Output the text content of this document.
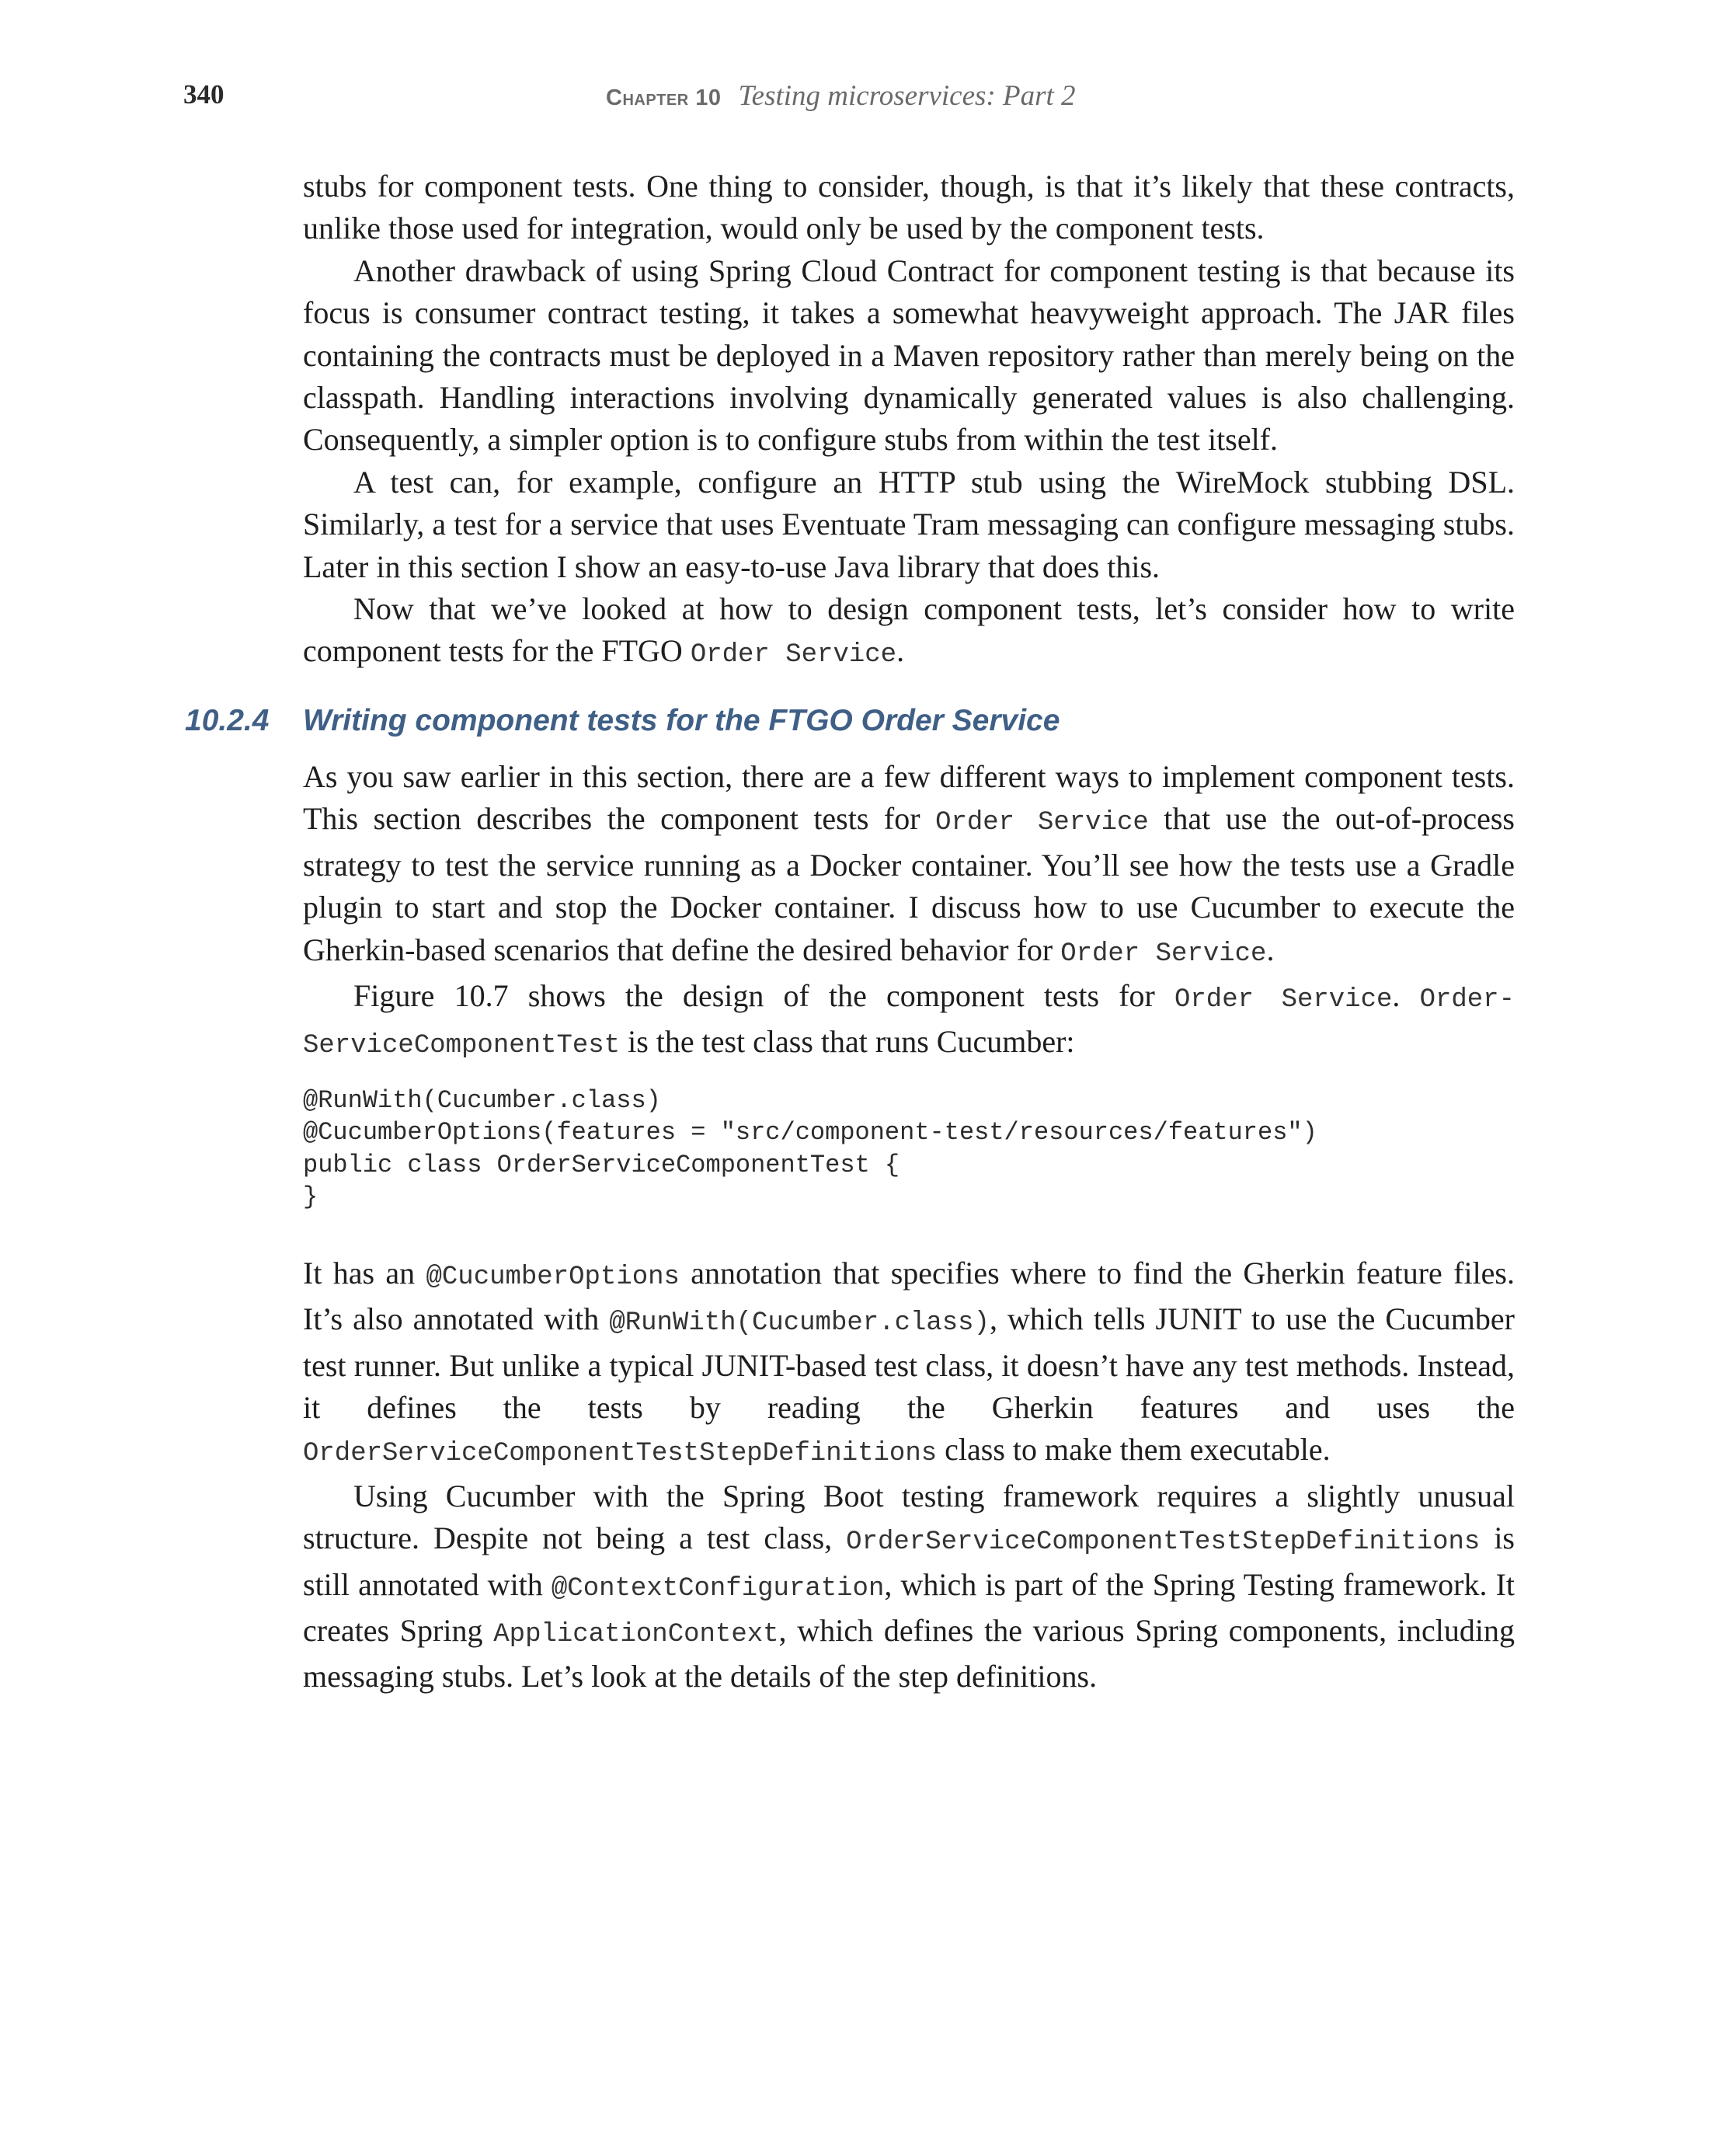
340	Chapter 10 Testing microservices: Part 2

stubs for component tests. One thing to consider, though, is that it’s likely that these contracts, unlike those used for integration, would only be used by the component tests.

Another drawback of using Spring Cloud Contract for component testing is that because its focus is consumer contract testing, it takes a somewhat heavyweight approach. The JAR files containing the contracts must be deployed in a Maven repository rather than merely being on the classpath. Handling interactions involving dynamically generated values is also challenging. Consequently, a simpler option is to configure stubs from within the test itself.

A test can, for example, configure an HTTP stub using the WireMock stubbing DSL. Similarly, a test for a service that uses Eventuate Tram messaging can configure messaging stubs. Later in this section I show an easy-to-use Java library that does this.

Now that we’ve looked at how to design component tests, let’s consider how to write component tests for the FTGO Order Service.

10.2.4 Writing component tests for the FTGO Order Service

As you saw earlier in this section, there are a few different ways to implement component tests. This section describes the component tests for Order Service that use the out-of-process strategy to test the service running as a Docker container. You’ll see how the tests use a Gradle plugin to start and stop the Docker container. I discuss how to use Cucumber to execute the Gherkin-based scenarios that define the desired behavior for Order Service.

Figure 10.7 shows the design of the component tests for Order Service. OrderServiceComponentTest is the test class that runs Cucumber:

@RunWith(Cucumber.class)
@CucumberOptions(features = "src/component-test/resources/features")
public class OrderServiceComponentTest {
}

It has an @CucumberOptions annotation that specifies where to find the Gherkin feature files. It’s also annotated with @RunWith(Cucumber.class), which tells JUNIT to use the Cucumber test runner. But unlike a typical JUNIT-based test class, it doesn’t have any test methods. Instead, it defines the tests by reading the Gherkin features and uses the OrderServiceComponentTestStepDefinitions class to make them executable.

Using Cucumber with the Spring Boot testing framework requires a slightly unusual structure. Despite not being a test class, OrderServiceComponentTestStepDefinitions is still annotated with @ContextConfiguration, which is part of the Spring Testing framework. It creates Spring ApplicationContext, which defines the various Spring components, including messaging stubs. Let’s look at the details of the step definitions.
